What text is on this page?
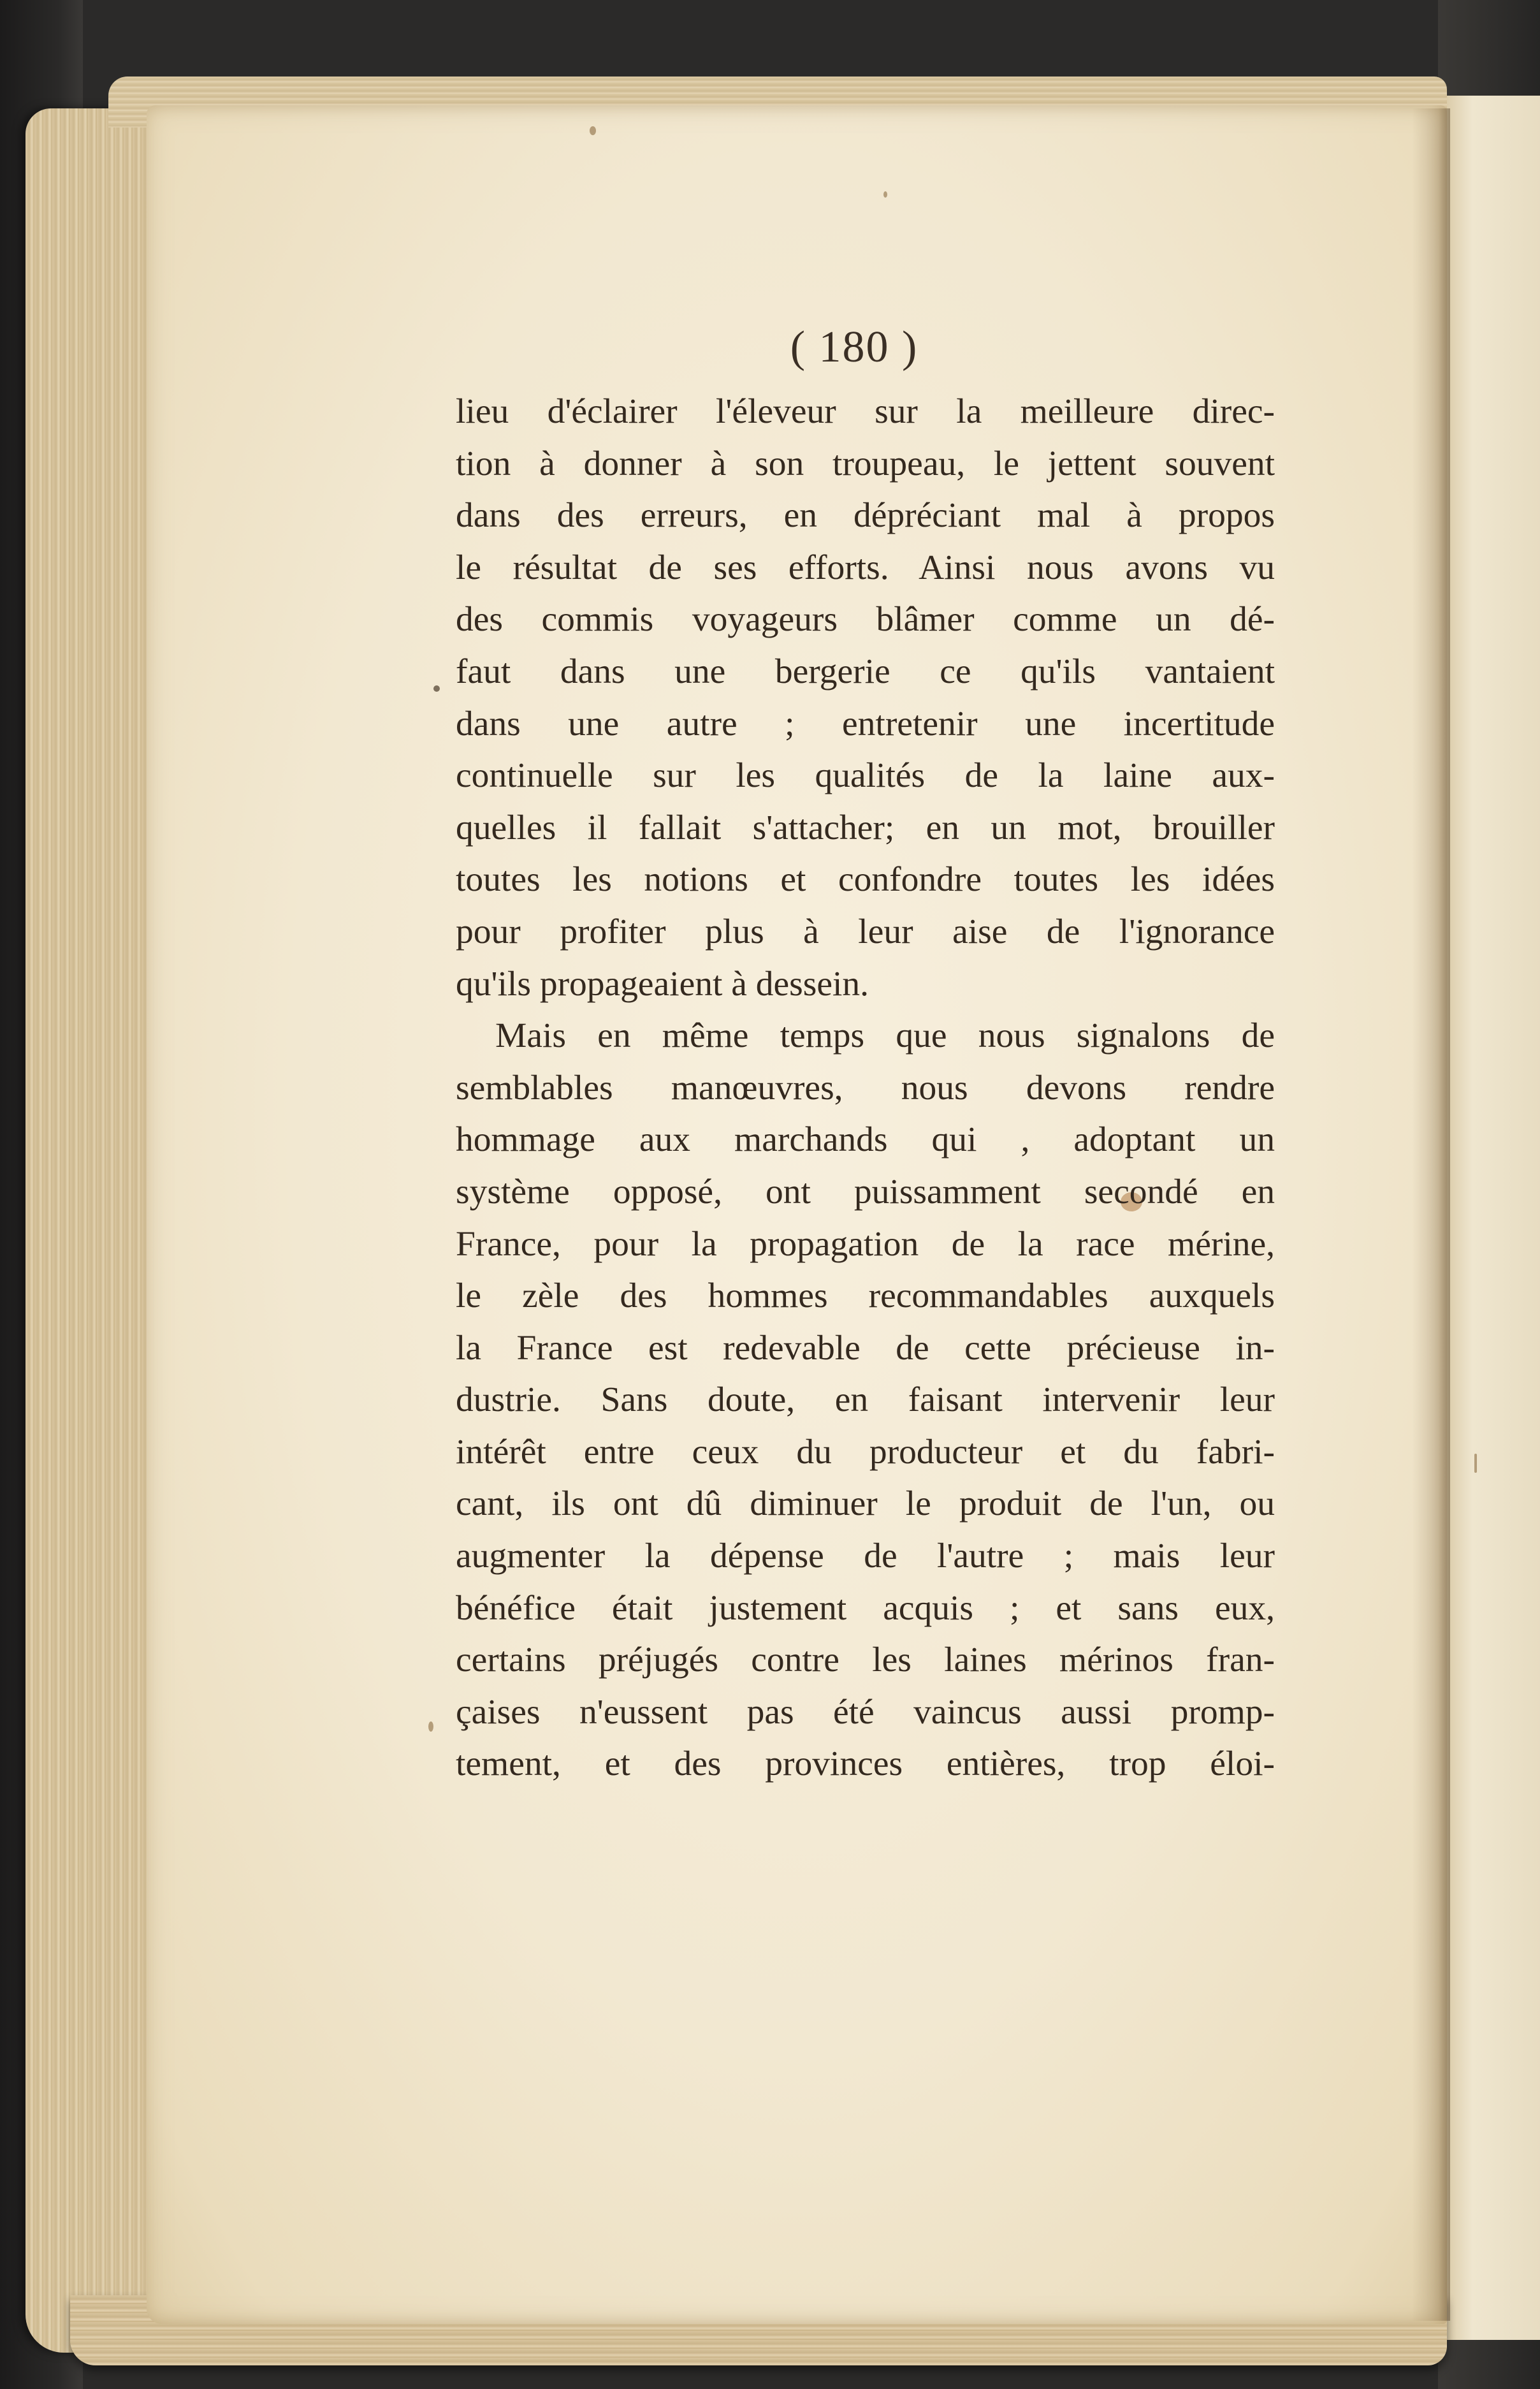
( 180 )
lieu d'éclairer l'éleveur sur la meilleure direc-
tion à donner à son troupeau, le jettent souvent
dans des erreurs, en dépréciant mal à propos
le résultat de ses efforts. Ainsi nous avons vu
des commis voyageurs blâmer comme un dé-
faut dans une bergerie ce qu'ils vantaient
dans une autre ; entretenir une incertitude
continuelle sur les qualités de la laine aux-
quelles il fallait s'attacher; en un mot, brouiller
toutes les notions et confondre toutes les idées
pour profiter plus à leur aise de l'ignorance
qu'ils propageaient à dessein.
Mais en même temps que nous signalons de
semblables manœuvres, nous devons rendre
hommage aux marchands qui , adoptant un
système opposé, ont puissamment secondé en
France, pour la propagation de la race mérine,
le zèle des hommes recommandables auxquels
la France est redevable de cette précieuse in-
dustrie. Sans doute, en faisant intervenir leur
intérêt entre ceux du producteur et du fabri-
cant, ils ont dû diminuer le produit de l'un, ou
augmenter la dépense de l'autre ; mais leur
bénéfice était justement acquis ; et sans eux,
certains préjugés contre les laines mérinos fran-
çaises n'eussent pas été vaincus aussi promp-
tement, et des provinces entières, trop éloi-
